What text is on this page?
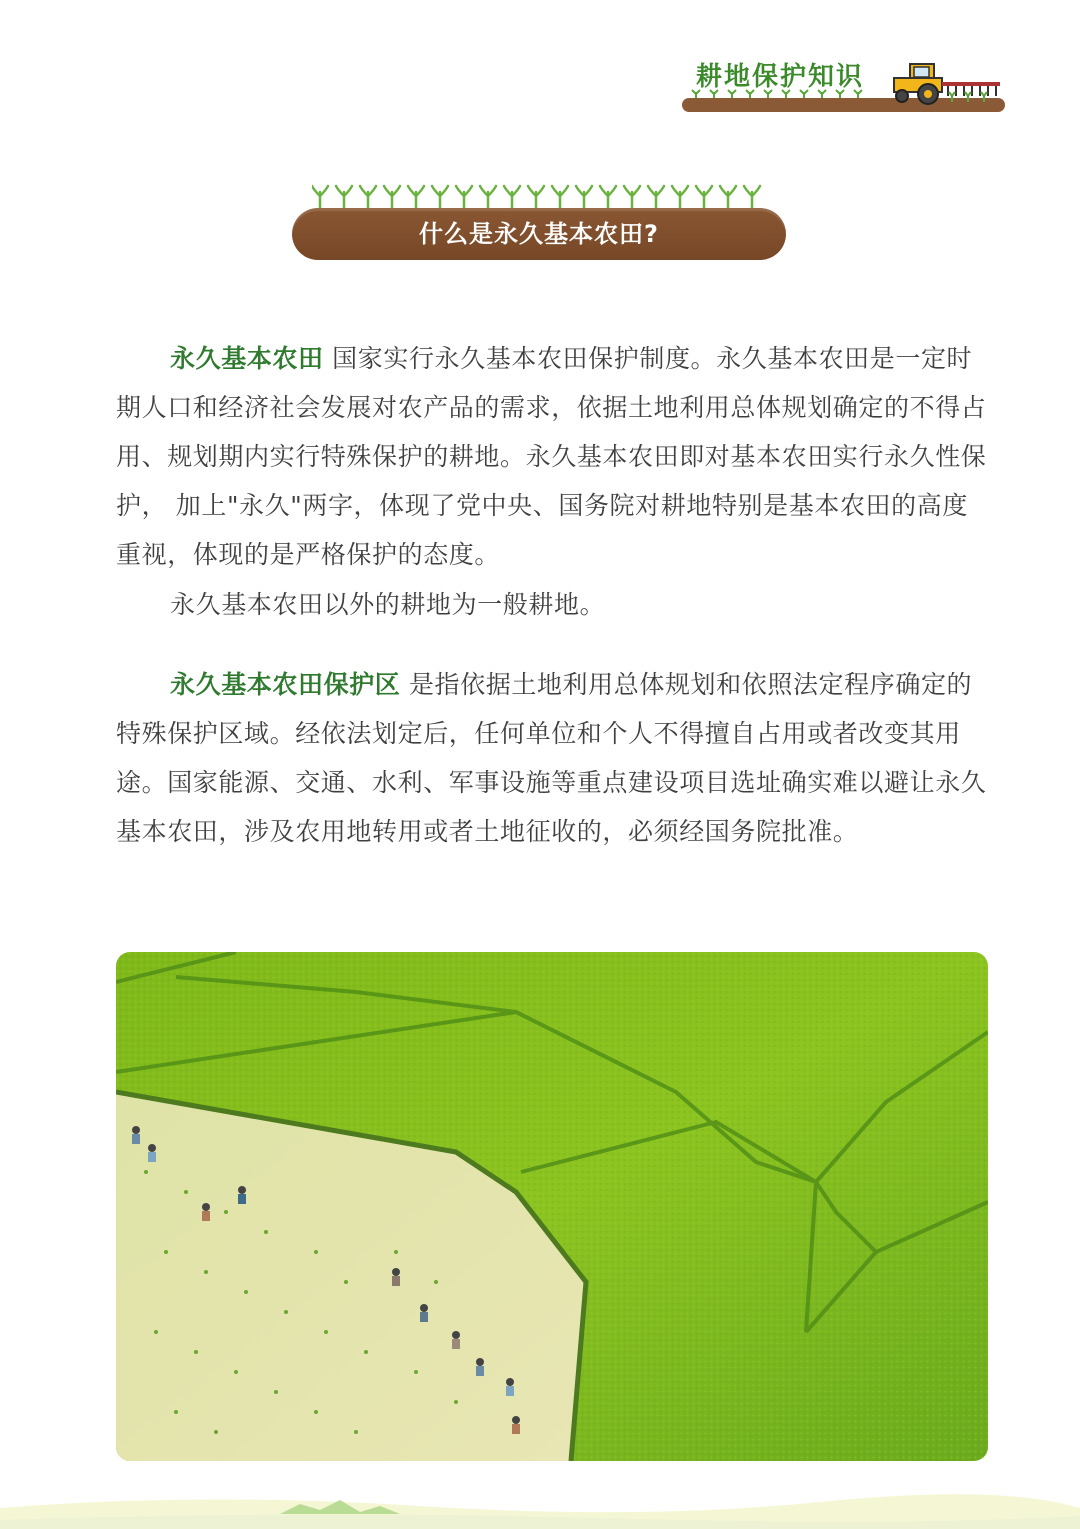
耕地保护知识
什么是永久基本农田?

永久基本农田 国家实行永久基本农田保护制度。永久基本农田是一定时期人口和经济社会发展对农产品的需求，依据土地利用总体规划确定的不得占用、规划期内实行特殊保护的耕地。永久基本农田即对基本农田实行永久性保护， 加上"永久"两字，体现了党中央、国务院对耕地特别是基本农田的高度重视，体现的是严格保护的态度。

永久基本农田以外的耕地为一般耕地。

永久基本农田保护区 是指依据土地利用总体规划和依照法定程序确定的特殊保护区域。经依法划定后，任何单位和个人不得擅自占用或者改变其用途。国家能源、交通、水利、军事设施等重点建设项目选址确实难以避让永久基本农田，涉及农用地转用或者土地征收的，必须经国务院批准。
